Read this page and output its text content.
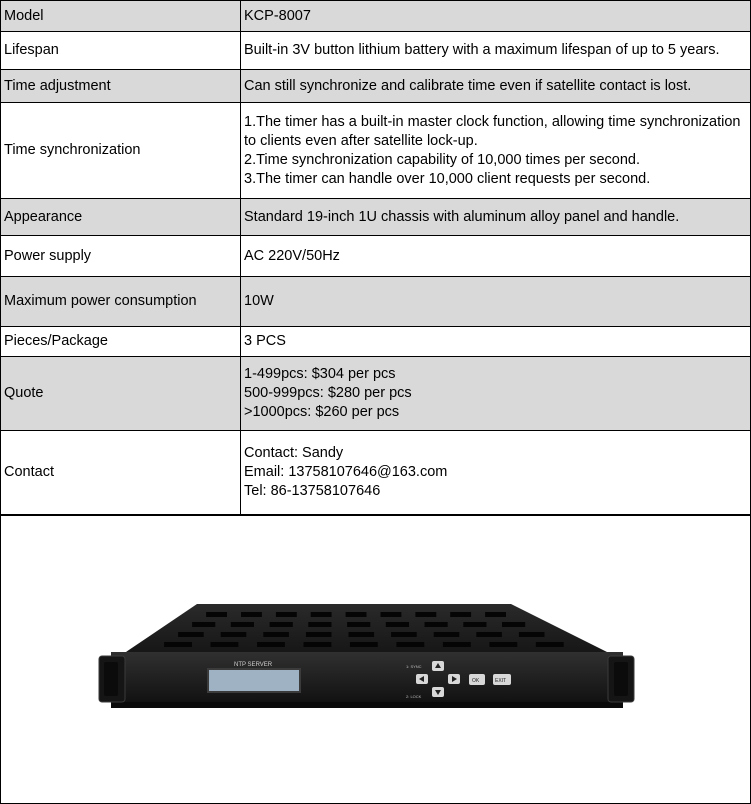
Model	KCP-8007

Lifespan	Built-in 3V button lithium battery with a maximum lifespan of up to 5 years.

Time adjustment	Can still synchronize and calibrate time even if satellite contact is lost.

Time synchronization	1.The timer has a built-in master clock function, allowing time synchronization to clients even after satellite lock-up.
2.Time synchronization capability of 10,000 times per second.
3.The timer can handle over 10,000 client requests per second.

Appearance	Standard 19-inch 1U chassis with aluminum alloy panel and handle.

Power supply	AC 220V/50Hz

Maximum power consumption	10W

Pieces/Package	3 PCS

Quote	1-499pcs: $304 per pcs
500-999pcs: $280 per pcs
>1000pcs: $260 per pcs

Contact	Contact: Sandy
Email: 13758107646@163.com
Tel: 86-13758107646
NTP SERVER	1: SYNC
2: LOCK
OK	EXIT
